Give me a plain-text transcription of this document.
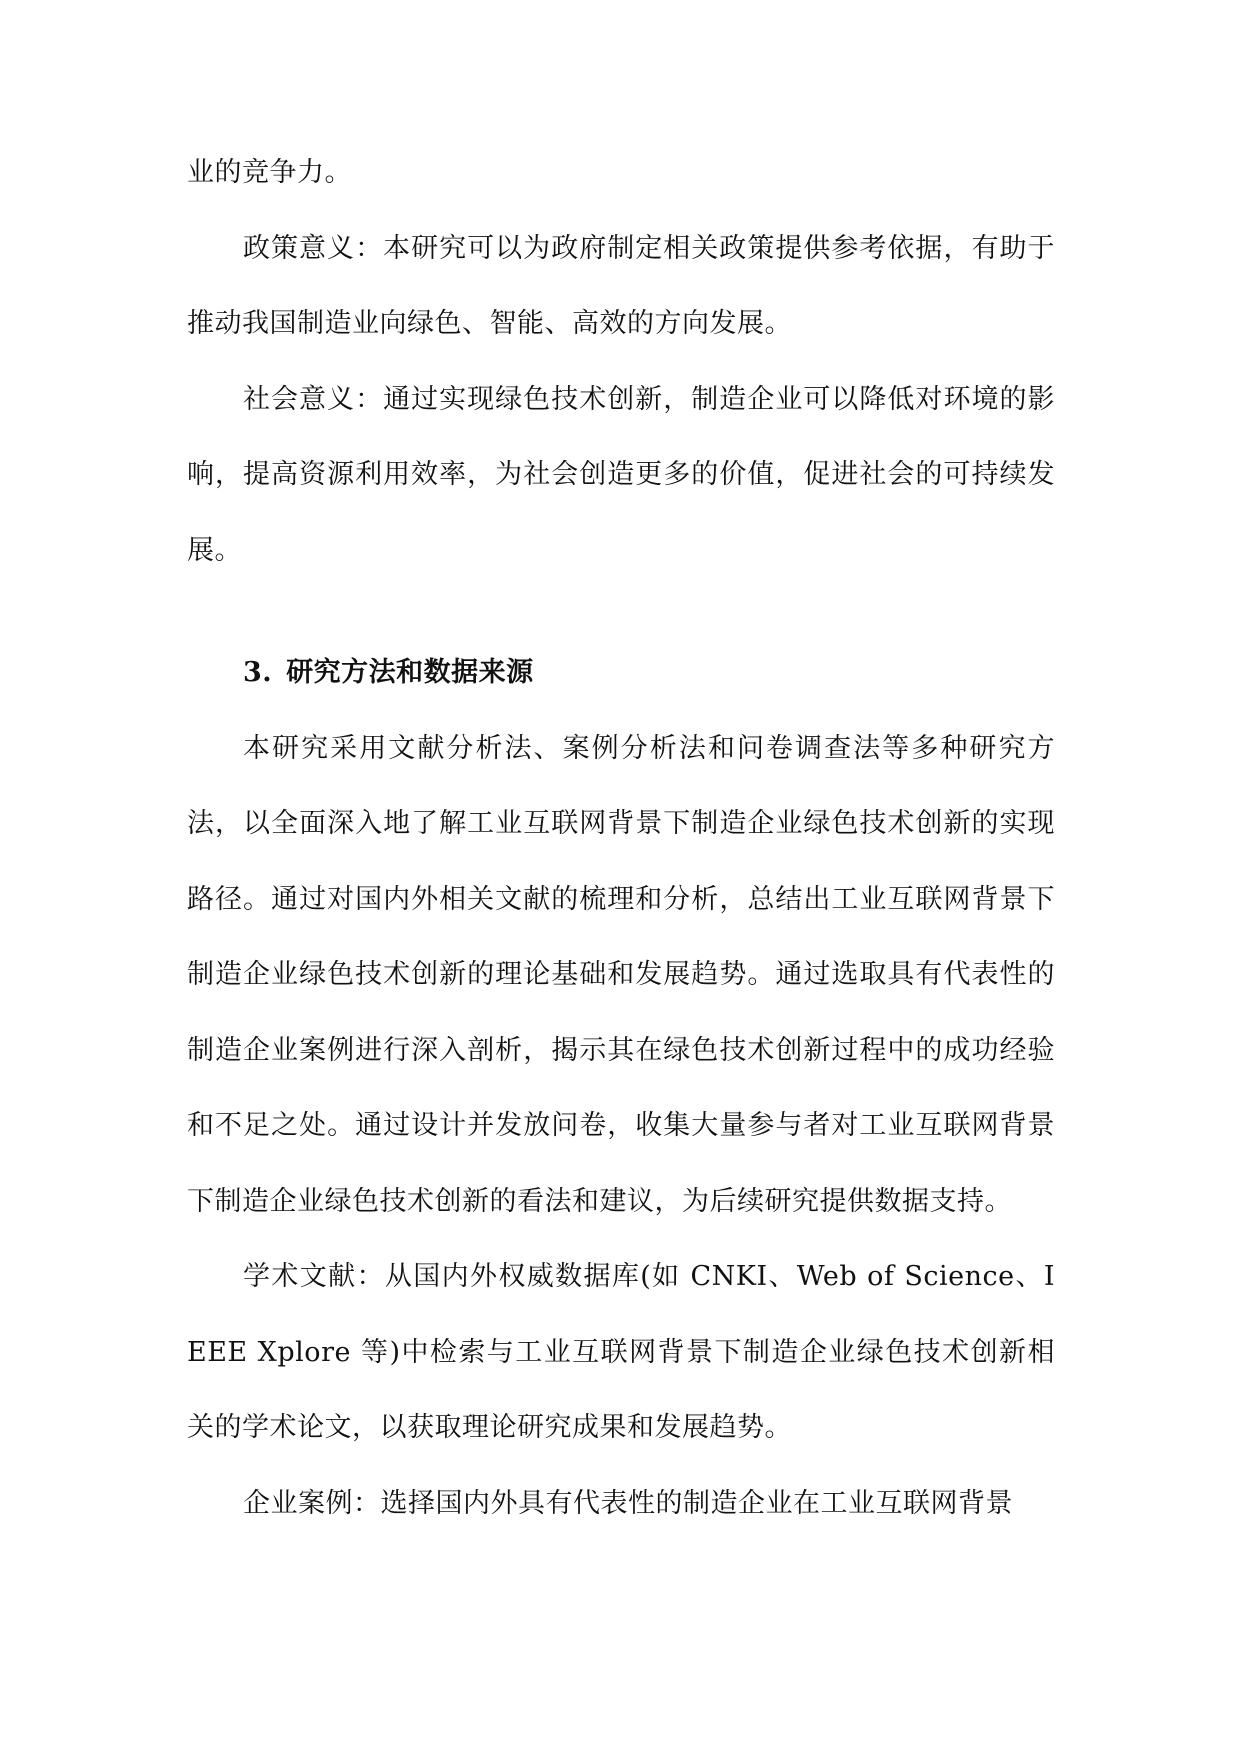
业的竞争力。

政策意义：本研究可以为政府制定相关政策提供参考依据，有助于推动我国制造业向绿色、智能、高效的方向发展。

社会意义：通过实现绿色技术创新，制造企业可以降低对环境的影响，提高资源利用效率，为社会创造更多的价值，促进社会的可持续发展。

3. 研究方法和数据来源

本研究采用文献分析法、案例分析法和问卷调查法等多种研究方法，以全面深入地了解工业互联网背景下制造企业绿色技术创新的实现路径。通过对国内外相关文献的梳理和分析，总结出工业互联网背景下制造企业绿色技术创新的理论基础和发展趋势。通过选取具有代表性的制造企业案例进行深入剖析，揭示其在绿色技术创新过程中的成功经验和不足之处。通过设计并发放问卷，收集大量参与者对工业互联网背景下制造企业绿色技术创新的看法和建议，为后续研究提供数据支持。

学术文献：从国内外权威数据库(如 CNKI、Web of Science、IEEE Xplore 等)中检索与工业互联网背景下制造企业绿色技术创新相关的学术论文，以获取理论研究成果和发展趋势。

企业案例：选择国内外具有代表性的制造企业在工业互联网背景
